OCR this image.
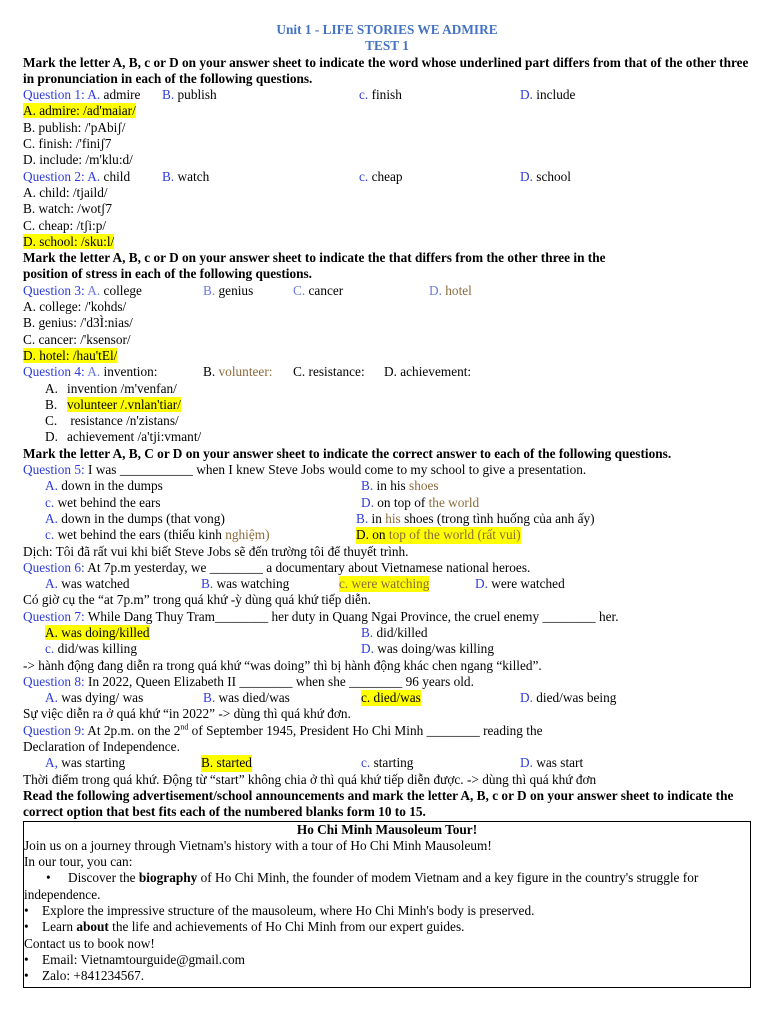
Unit 1 - LIFE STORIES WE ADMIRE
TEST 1
Mark the letter A, B, c or D on your answer sheet to indicate the word whose underlined part differs from that of the other three in pronunciation in each of the following questions.
Question 1: A. admire B. publish	c. finish	D. include
A. admire: /ad'maiar/
B. publish: /'pAbiʃ/
C. finish: /'finiʃ7
D. include: /m'klu:d/
Question 2: A. child B. watch	c. cheap	D. school
A. child: /tjaild/
B. watch: /wotʃ7
C. cheap: /tʃi:p/
D. school: /sku:l/
Mark the letter A, B, c or D on your answer sheet to indicate the that differs from the other three in the position of stress in each of the following questions.
Question 3: A. college	B. genius	C. cancer	D. hotel
A. college: /'kohds/
B. genius: /'d3Ì:nias/
C. cancer: /'ksensor/
D. hotel: /hau'tEl/
Question 4: A. invention:	B. volunteer: C. resistance: D. achievement:
A. invention /m'venfan/
B. volunteer /.vnlan'tiar/
C. resistance /n'zistans/
D. achievement /a'tji:vmant/
Mark the letter A, B, C or D on your answer sheet to indicate the correct answer to each of the following questions.
Question 5: I was ___________ when I knew Steve Jobs would come to my school to give a presentation.
A. down in the dumps	B. in his shoes
c. wet behind the ears	D. on top of the world
A. down in the dumps (that vong)	B. in his shoes (trong tình huống của anh ấy)
c. wet behind the ears (thiếu kinh nghiệm)	D. on top of the world (rất vui)
Dịch: Tôi đã rất vui khi biết Steve Jobs sẽ đến trường tôi để thuyết trình.
Question 6: At 7p.m yesterday, we ________ a documentary about Vietnamese national heroes.
A. was watched	B. was watching	c. were watching	D. were watched
Có giờ cụ the “at 7p.m” trong quá khứ -ỳ dùng quá khứ tiếp diễn.
Question 7: While Dang Thuy Tram________ her duty in Quang Ngai Province, the cruel enemy ________ her.
A. was doing/killed	B. did/killed
c. did/was killing	D. was doing/was killing
-> hành động đang diễn ra trong quá khứ “was doing” thì bị hành động khác chen ngang “killed”.
Question 8: In 2022, Queen Elizabeth II ________ when she ________ 96 years old.
A. was dying/ was	B. was died/was	c. died/was	D. died/was being
Sự việc diễn ra ở quá khứ “in 2022” -> dùng thì quá khứ đơn.
Question 9: At 2p.m. on the 2nd of September 1945, President Ho Chi Minh ________ reading the
Declaration of Independence.
A, was starting	B. started	c. starting	D. was start
Thời điểm trong quá khứ. Động từ “start” không chia ở thì quá khứ tiếp diễn được. -> dùng thì quá khứ đơn
Read the following advertisement/school announcements and mark the letter A, B, c or D on your answer sheet to indicate the correct option that best fits each of the numbered blanks form 10 to 15.
Ho Chi Minh Mausoleum Tour!
Join us on a journey through Vietnam's history with a tour of Ho Chi Minh Mausoleum!
In our tour, you can:
• Discover the biography of Ho Chi Minh, the founder of modem Vietnam and a key figure in the country's struggle for
independence.
• Explore the impressive structure of the mausoleum, where Ho Chi Minh's body is preserved.
• Learn about the life and achievements of Ho Chi Minh from our expert guides.
Contact us to book now!
• Email: Vietnamtourguide@gmail.com
• Zalo: +841234567.
